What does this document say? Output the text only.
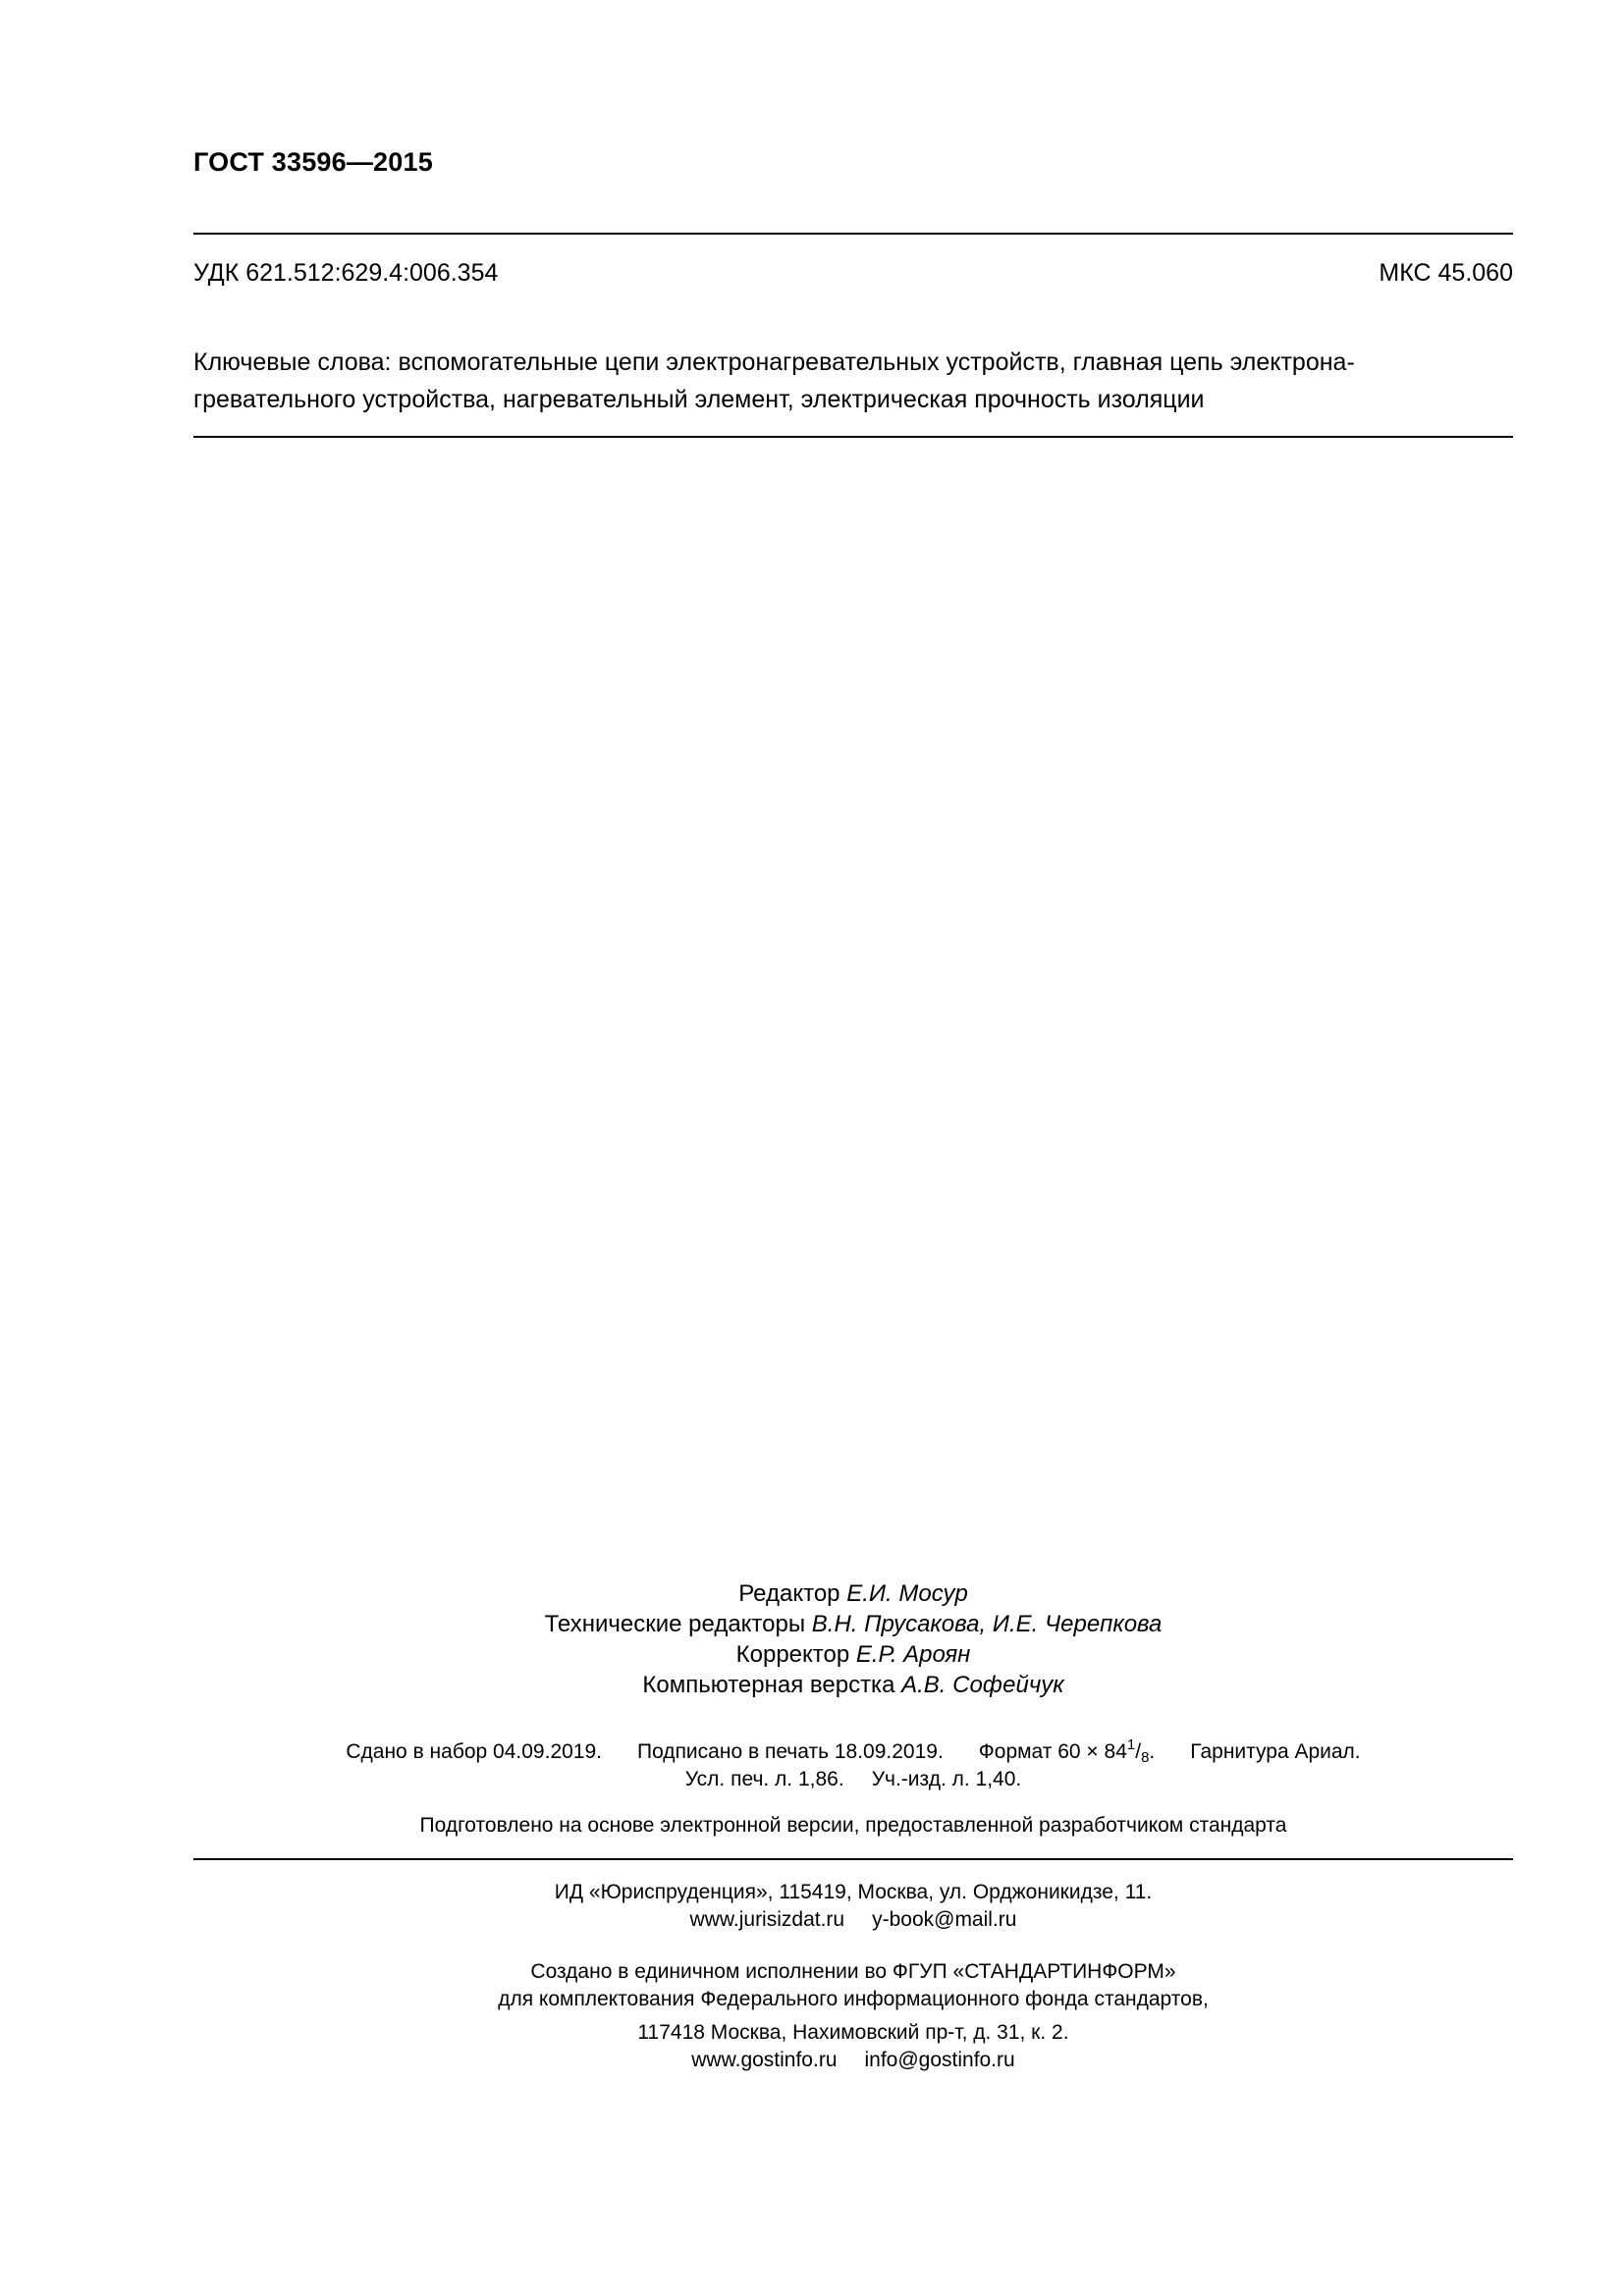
ГОСТ 33596—2015
УДК 621.512:629.4:006.354	МКС 45.060
Ключевые слова: вспомогательные цепи электронагревательных устройств, главная цепь электрона-
гревательного устройства, нагревательный элемент, электрическая прочность изоляции
Редактор Е.И. Мосур
Технические редакторы В.Н. Прусакова, И.Е. Черепкова
Корректор Е.Р. Ароян
Компьютерная верстка А.В. Софейчук
Сдано в набор 04.09.2019. Подписано в печать 18.09.2019. Формат $60 \times 84^1/_8$. Гарнитура Ариал.
Усл. печ. л. 1,86. Уч.-изд. л. 1,40.
Подготовлено на основе электронной версии, предоставленной разработчиком стандарта
ИД «Юриспруденция», 115419, Москва, ул. Орджоникидзе, 11.
www.jurisizdat.ru y-book@mail.ru
Создано в единичном исполнении во ФГУП «СТАНДАРТИНФОРМ»
для комплектования Федерального информационного фонда стандартов,
117418 Москва, Нахимовский пр-т, д. 31, к. 2.
www.gostinfo.ru info@gostinfo.ru
